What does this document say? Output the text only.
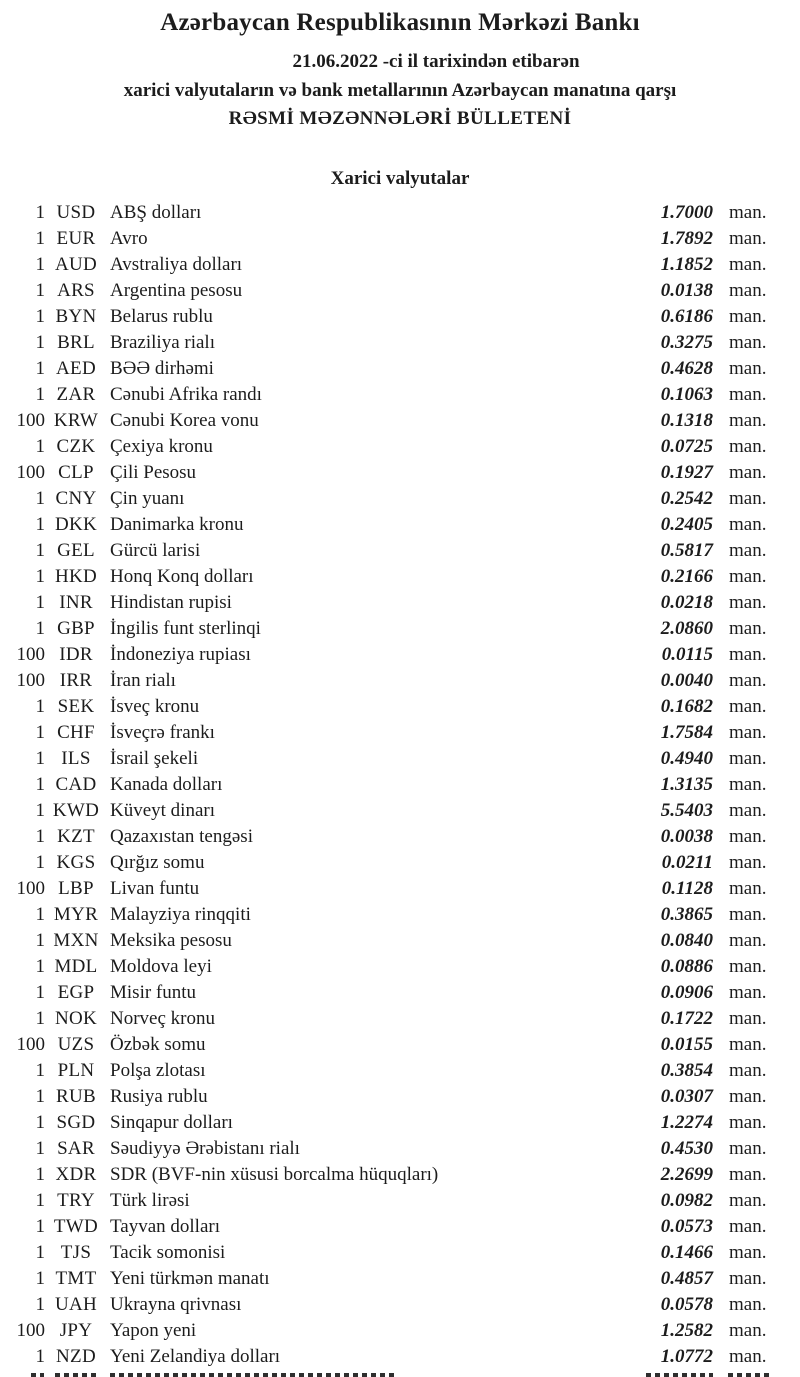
Azərbaycan Respublikasının Mərkəzi Bankı
21.06.2022 -ci il tarixindən etibarən
xarici valyutaların və bank metallarının Azərbaycan manatına qarşı
RƏSMİ MƏZƏNNƏLƏRİ BÜLLETENİ
Xarici valyutalar
1 USD ABŞ dolları	1.7000 man.
1 EUR Avro	1.7892 man.
1 AUD Avstraliya dolları	1.1852 man.
1 ARS Argentina pesosu	0.0138 man.
1 BYN Belarus rublu	0.6186 man.
1 BRL Braziliya rialı	0.3275 man.
1 AED BƏƏ dirhəmi	0.4628 man.
1 ZAR Cənubi Afrika randı	0.1063 man.
100 KRW Cənubi Korea vonu	0.1318 man.
1 CZK Çexiya kronu	0.0725 man.
100 CLP Çili Pesosu	0.1927 man.
1 CNY Çin yuanı	0.2542 man.
1 DKK Danimarka kronu	0.2405 man.
1 GEL Gürcü larisi	0.5817 man.
1 HKD Honq Konq dolları	0.2166 man.
1 INR Hindistan rupisi	0.0218 man.
1 GBP İngilis funt sterlinqi	2.0860 man.
100 IDR İndoneziya rupiası	0.0115 man.
100 IRR İran rialı	0.0040 man.
1 SEK İsveç kronu	0.1682 man.
1 CHF İsveçrə frankı	1.7584 man.
1 ILS	İsrail şekeli	0.4940 man.
1 CAD Kanada dolları	1.3135 man.
1 KWD Küveyt dinarı	5.5403 man.
1 KZT Qazaxıstan tengəsi	0.0038 man.
1 KGS Qırğız somu	0.0211 man.
100 LBP Livan funtu	0.1128 man.
1 MYR Malayziya rinqqiti	0.3865 man.
1 MXN Meksika pesosu	0.0840 man.
1 MDL Moldova leyi	0.0886 man.
1 EGP Misir funtu	0.0906 man.
1 NOK Norveç kronu	0.1722 man.
100 UZS Özbək somu	0.0155 man.
1 PLN Polşa zlotası	0.3854 man.
1 RUB Rusiya rublu	0.0307 man.
1 SGD Sinqapur dolları	1.2274 man.
1 SAR Səudiyyə Ərəbistanı rialı	0.4530 man.
1 XDR SDR (BVF-nin xüsusi borcalma hüquqları)	2.2699 man.
1 TRY Türk lirəsi	0.0982 man.
1 TWD Tayvan dolları	0.0573 man.
1 TJS Tacik somonisi	0.1466 man.
1 TMT Yeni türkmən manatı	0.4857 man.
1 UAH Ukrayna qrivnası	0.0578 man.
100 JPY Yapon yeni	1.2582 man.
1 NZD Yeni Zelandiya dolları	1.0772 man.
